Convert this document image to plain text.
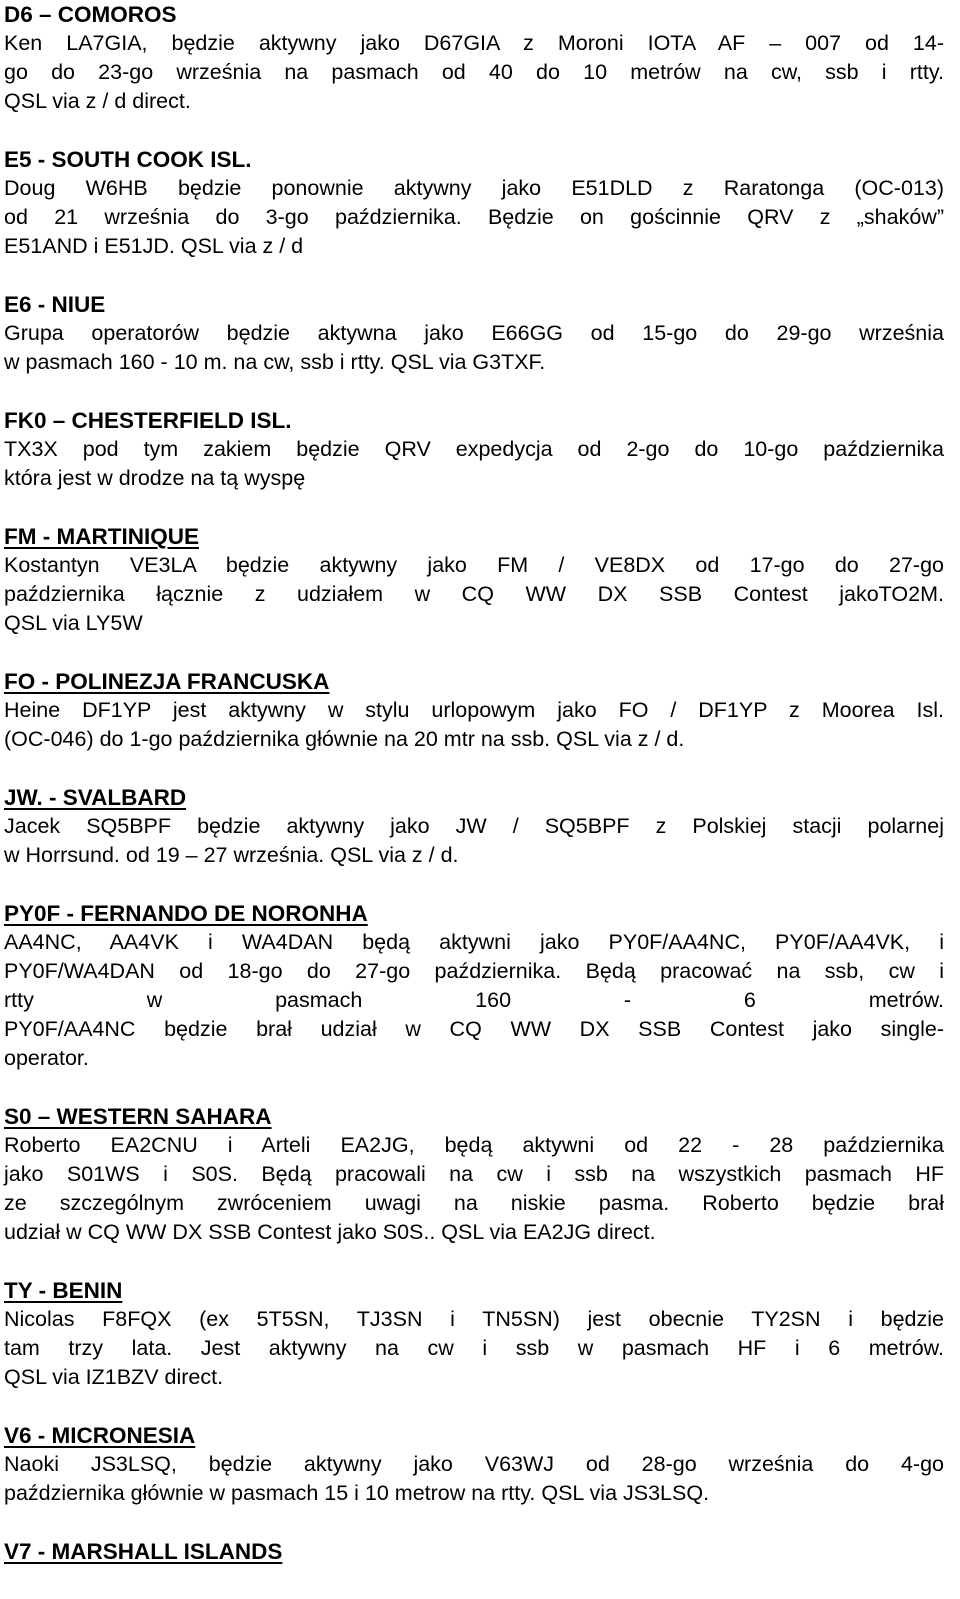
D6 – COMOROS
Ken LA7GIA, będzie aktywny jako D67GIA z Moroni IOTA AF – 007 od 14-
go do 23-go września na pasmach od 40 do 10 metrów na cw, ssb i rtty.
QSL via z / d direct.
E5 - SOUTH COOK ISL.
Doug W6HB będzie ponownie aktywny jako E51DLD z Raratonga (OC-013)
od 21 września do 3-go października. Będzie on gościnnie QRV z „shaków”
E51AND i E51JD. QSL via z / d
E6 - NIUE
Grupa operatorów będzie aktywna jako E66GG od 15-go do 29-go września
w pasmach 160 - 10 m. na cw, ssb i rtty. QSL via G3TXF.
FK0 – CHESTERFIELD ISL.
TX3X pod tym zakiem będzie QRV expedycja od 2-go do 10-go października
która jest w drodze na tą wyspę
FM - MARTINIQUE
Kostantyn VE3LA będzie aktywny jako FM / VE8DX od 17-go do 27-go
października łącznie z udziałem w CQ WW DX SSB Contest jakoTO2M.
QSL via LY5W
FO - POLINEZJA FRANCUSKA
Heine DF1YP jest aktywny w stylu urlopowym jako FO / DF1YP z Moorea Isl.
(OC-046) do 1-go października głównie na 20 mtr na ssb. QSL via z / d.
JW. - SVALBARD
Jacek SQ5BPF będzie aktywny jako JW / SQ5BPF z Polskiej stacji polarnej
w Horrsund. od 19 – 27 września. QSL via z / d.
PY0F - FERNANDO DE NORONHA
AA4NC, AA4VK i WA4DAN będą aktywni jako PY0F/AA4NC, PY0F/AA4VK, i
PY0F/WA4DAN od 18-go do 27-go października. Będą pracować na ssb, cw i
rtty w pasmach 160 - 6 metrów.
PY0F/AA4NC będzie brał udział w CQ WW DX SSB Contest jako single-
operator.
S0 – WESTERN SAHARA
Roberto EA2CNU i Arteli EA2JG, będą aktywni od 22 - 28 października
jako S01WS i S0S. Będą pracowali na cw i ssb na wszystkich pasmach HF
ze szczególnym zwróceniem uwagi na niskie pasma. Roberto będzie brał
udział w CQ WW DX SSB Contest jako S0S.. QSL via EA2JG direct.
TY - BENIN
Nicolas F8FQX (ex 5T5SN, TJ3SN i TN5SN) jest obecnie TY2SN i będzie
tam trzy lata. Jest aktywny na cw i ssb w pasmach HF i 6 metrów.
QSL via IZ1BZV direct.
V6 - MICRONESIA
Naoki JS3LSQ, będzie aktywny jako V63WJ od 28-go września do 4-go
października głównie w pasmach 15 i 10 metrow na rtty. QSL via JS3LSQ.
V7 - MARSHALL ISLANDS
